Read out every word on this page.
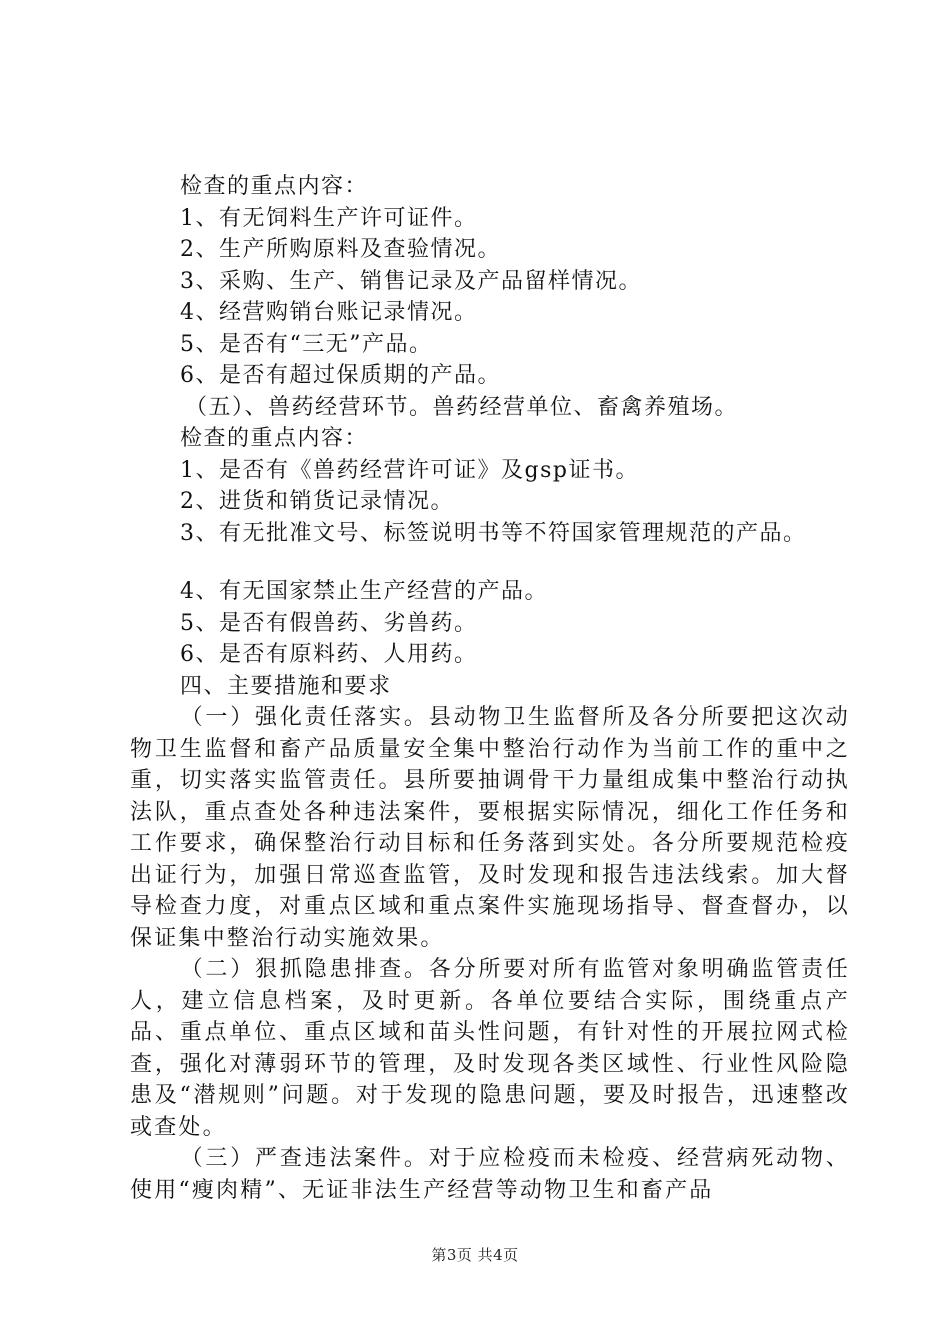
检查的重点内容：

1、有无饲料生产许可证件。

2、生产所购原料及查验情况。

3、采购、生产、销售记录及产品留样情况。

4、经营购销台账记录情况。

5、是否有“三无”产品。

6、是否有超过保质期的产品。

（五）、兽药经营环节。兽药经营单位、畜禽养殖场。

检查的重点内容：

1、是否有《兽药经营许可证》及gsp证书。

2、进货和销货记录情况。

3、有无批准文号、标签说明书等不符国家管理规范的产品。

4、有无国家禁止生产经营的产品。

5、是否有假兽药、劣兽药。

6、是否有原料药、人用药。

四、主要措施和要求

（一）强化责任落实。县动物卫生监督所及各分所要把这次动物卫生监督和畜产品质量安全集中整治行动作为当前工作的重中之重，切实落实监管责任。县所要抽调骨干力量组成集中整治行动执法队，重点查处各种违法案件，要根据实际情况，细化工作任务和工作要求，确保整治行动目标和任务落到实处。各分所要规范检疫出证行为，加强日常巡查监管，及时发现和报告违法线索。加大督导检查力度，对重点区域和重点案件实施现场指导、督查督办，以保证集中整治行动实施效果。

（二）狠抓隐患排查。各分所要对所有监管对象明确监管责任人，建立信息档案，及时更新。各单位要结合实际，围绕重点产品、重点单位、重点区域和苗头性问题，有针对性的开展拉网式检查，强化对薄弱环节的管理，及时发现各类区域性、行业性风险隐患及“潜规则”问题。对于发现的隐患问题，要及时报告，迅速整改或查处。

（三）严查违法案件。对于应检疫而未检疫、经营病死动物、使用“瘦肉精”、无证非法生产经营等动物卫生和畜产品

第3页 共4页
